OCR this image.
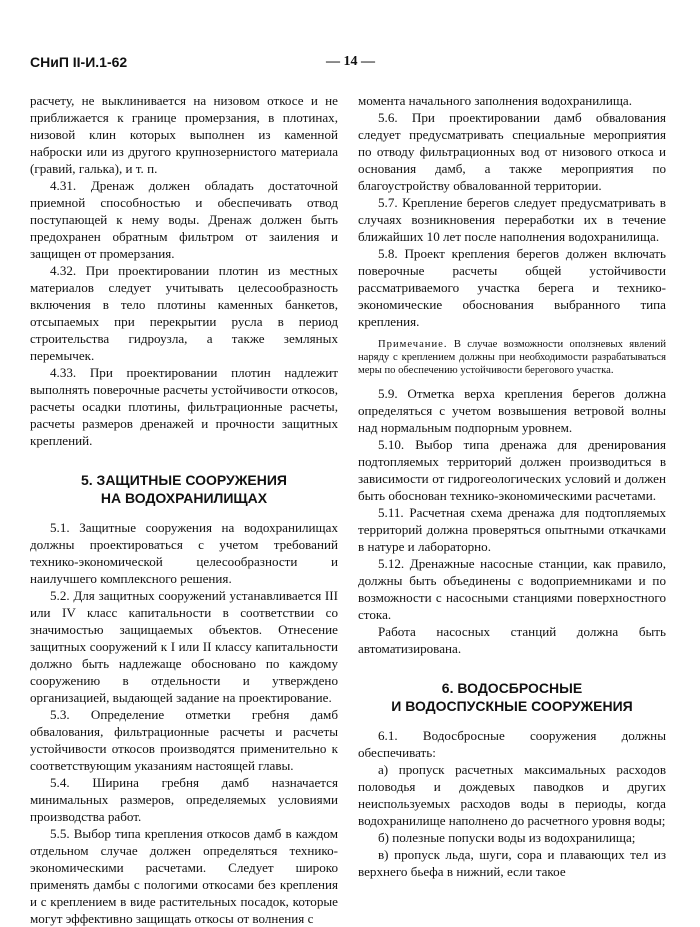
СНиП II-И.1-62	— 14 —

расчету, не выклинивается на низовом откосе и не приближается к границе промерзания, в плотинах, низовой клин которых выполнен из каменной наброски или из другого крупнозернистого материала (гравий, галька), и т. п.

4.31. Дренаж должен обладать достаточной приемной способностью и обеспечивать отвод поступающей к нему воды. Дренаж должен быть предохранен обратным фильтром от заиления и защищен от промерзания.

4.32. При проектировании плотин из местных материалов следует учитывать целесообразность включения в тело плотины каменных банкетов, отсыпаемых при перекрытии русла в период строительства гидроузла, а также земляных перемычек.

4.33. При проектировании плотин надлежит выполнять поверочные расчеты устойчивости откосов, расчеты осадки плотины, фильтрационные расчеты, расчеты размеров дренажей и прочности защитных креплений.

5. ЗАЩИТНЫЕ СООРУЖЕНИЯ
НА ВОДОХРАНИЛИЩАХ

5.1. Защитные сооружения на водохранилищах должны проектироваться с учетом требований технико-экономической целесообразности и наилучшего комплексного решения.

5.2. Для защитных сооружений устанавливается III или IV класс капитальности в соответствии со значимостью защищаемых объектов. Отнесение защитных сооружений к I или II классу капитальности должно быть надлежаще обосновано по каждому сооружению в отдельности и утверждено организацией, выдающей задание на проектирование.

5.3. Определение отметки гребня дамб обвалования, фильтрационные расчеты и расчеты устойчивости откосов производятся применительно к соответствующим указаниям настоящей главы.

5.4. Ширина гребня дамб назначается минимальных размеров, определяемых условиями производства работ.

5.5. Выбор типа крепления откосов дамб в каждом отдельном случае должен определяться технико-экономическими расчетами. Следует широко применять дамбы с пологими откосами без крепления и с креплением в виде растительных посадок, которые могут эффективно защищать откосы от волнения с

момента начального заполнения водохранилища.

5.6. При проектировании дамб обвалования следует предусматривать специальные мероприятия по отводу фильтрационных вод от низового откоса и основания дамб, а также мероприятия по благоустройству обвалованной территории.

5.7. Крепление берегов следует предусматривать в случаях возникновения переработки их в течение ближайших 10 лет после наполнения водохранилища.

5.8. Проект крепления берегов должен включать поверочные расчеты общей устойчивости рассматриваемого участка берега и технико-экономические обоснования выбранного типа крепления.

Примечание. В случае возможности оползневых явлений наряду с креплением должны при необходимости разрабатываться меры по обеспечению устойчивости берегового участка.

5.9. Отметка верха крепления берегов должна определяться с учетом возвышения ветровой волны над нормальным подпорным уровнем.

5.10. Выбор типа дренажа для дренирования подтопляемых территорий должен производиться в зависимости от гидрогеологических условий и должен быть обоснован технико-экономическими расчетами.

5.11. Расчетная схема дренажа для подтопляемых территорий должна проверяться опытными откачками в натуре и лабораторно.

5.12. Дренажные насосные станции, как правило, должны быть объединены с водоприемниками и по возможности с насосными станциями поверхностного стока.

Работа насосных станций должна быть автоматизирована.

6. ВОДОСБРОСНЫЕ
И ВОДОСПУСКНЫЕ СООРУЖЕНИЯ

6.1. Водосбросные сооружения должны обеспечивать:

а) пропуск расчетных максимальных расходов половодья и дождевых паводков и других неиспользуемых расходов воды в периоды, когда водохранилище наполнено до расчетного уровня воды;

б) полезные попуски воды из водохранилища;

в) пропуск льда, шуги, сора и плавающих тел из верхнего бьефа в нижний, если такое
